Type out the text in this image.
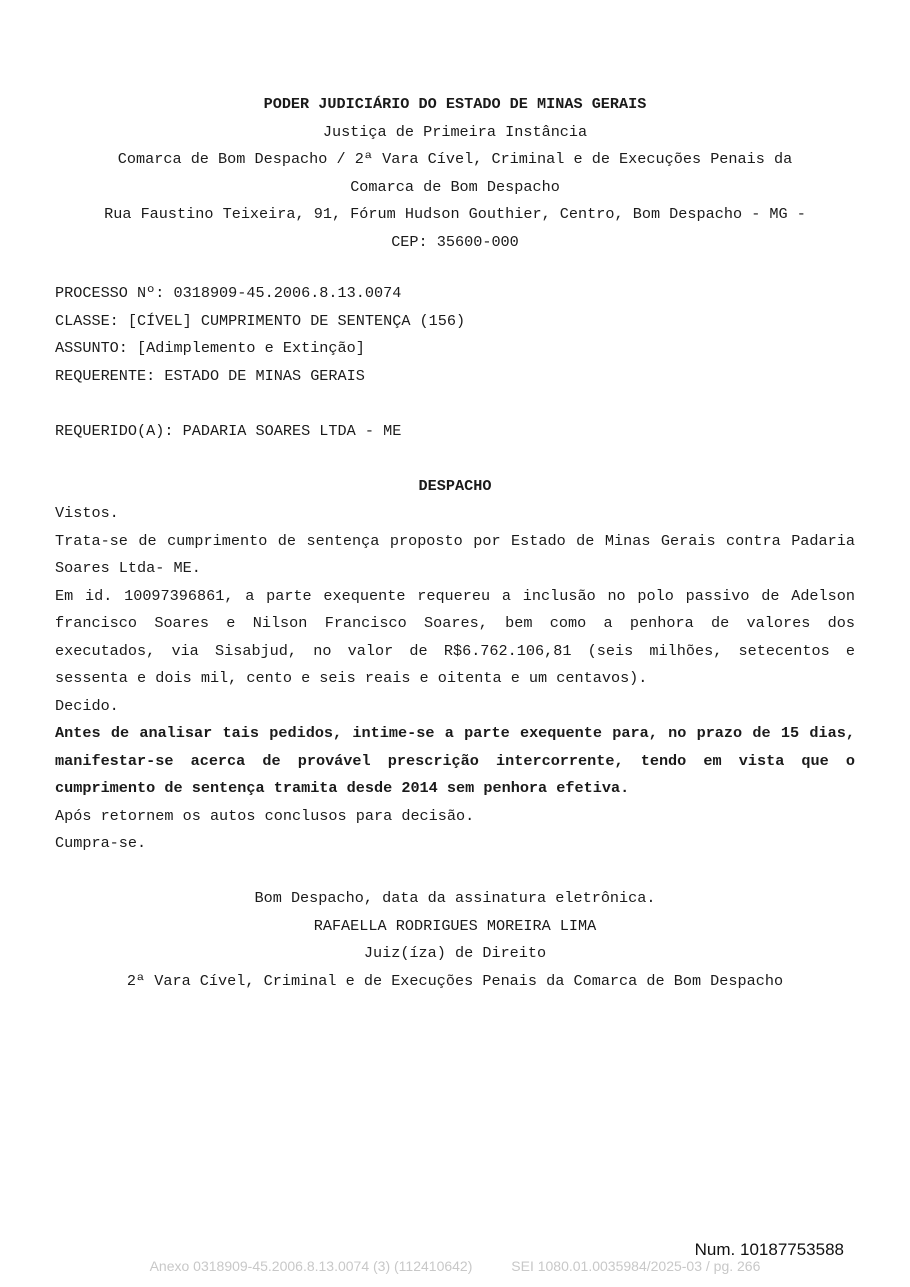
PODER JUDICIÁRIO DO ESTADO DE MINAS GERAIS
Justiça de Primeira Instância
Comarca de Bom Despacho / 2ª Vara Cível, Criminal e de Execuções Penais da
Comarca de Bom Despacho
Rua Faustino Teixeira, 91, Fórum Hudson Gouthier, Centro, Bom Despacho - MG -
CEP: 35600-000
PROCESSO Nº: 0318909-45.2006.8.13.0074
CLASSE: [CÍVEL] CUMPRIMENTO DE SENTENÇA (156)
ASSUNTO: [Adimplemento e Extinção]
REQUERENTE: ESTADO DE MINAS GERAIS
REQUERIDO(A): PADARIA SOARES LTDA - ME
DESPACHO

Vistos.

Trata-se de cumprimento de sentença proposto por Estado de Minas Gerais contra Padaria Soares Ltda- ME.

Em id. 10097396861, a parte exequente requereu a inclusão no polo passivo de Adelson francisco Soares e Nilson Francisco Soares, bem como a penhora de valores dos executados, via Sisabjud, no valor de R$6.762.106,81 (seis milhões, setecentos e sessenta e dois mil, cento e seis reais e oitenta e um centavos).

Decido.

Antes de analisar tais pedidos, intime-se a parte exequente para, no prazo de 15 dias, manifestar-se acerca de provável prescrição intercorrente, tendo em vista que o cumprimento de sentença tramita desde 2014 sem penhora efetiva.

Após retornem os autos conclusos para decisão.

Cumpra-se.

Bom Despacho, data da assinatura eletrônica.
RAFAELLA RODRIGUES MOREIRA LIMA
Juiz(íza) de Direito
2ª Vara Cível, Criminal e de Execuções Penais da Comarca de Bom Despacho
Num. 10187753588
Anexo 0318909-45.2006.8.13.0074 (3) (112410642)	SEI 1080.01.0035984/2025-03 / pg. 266
